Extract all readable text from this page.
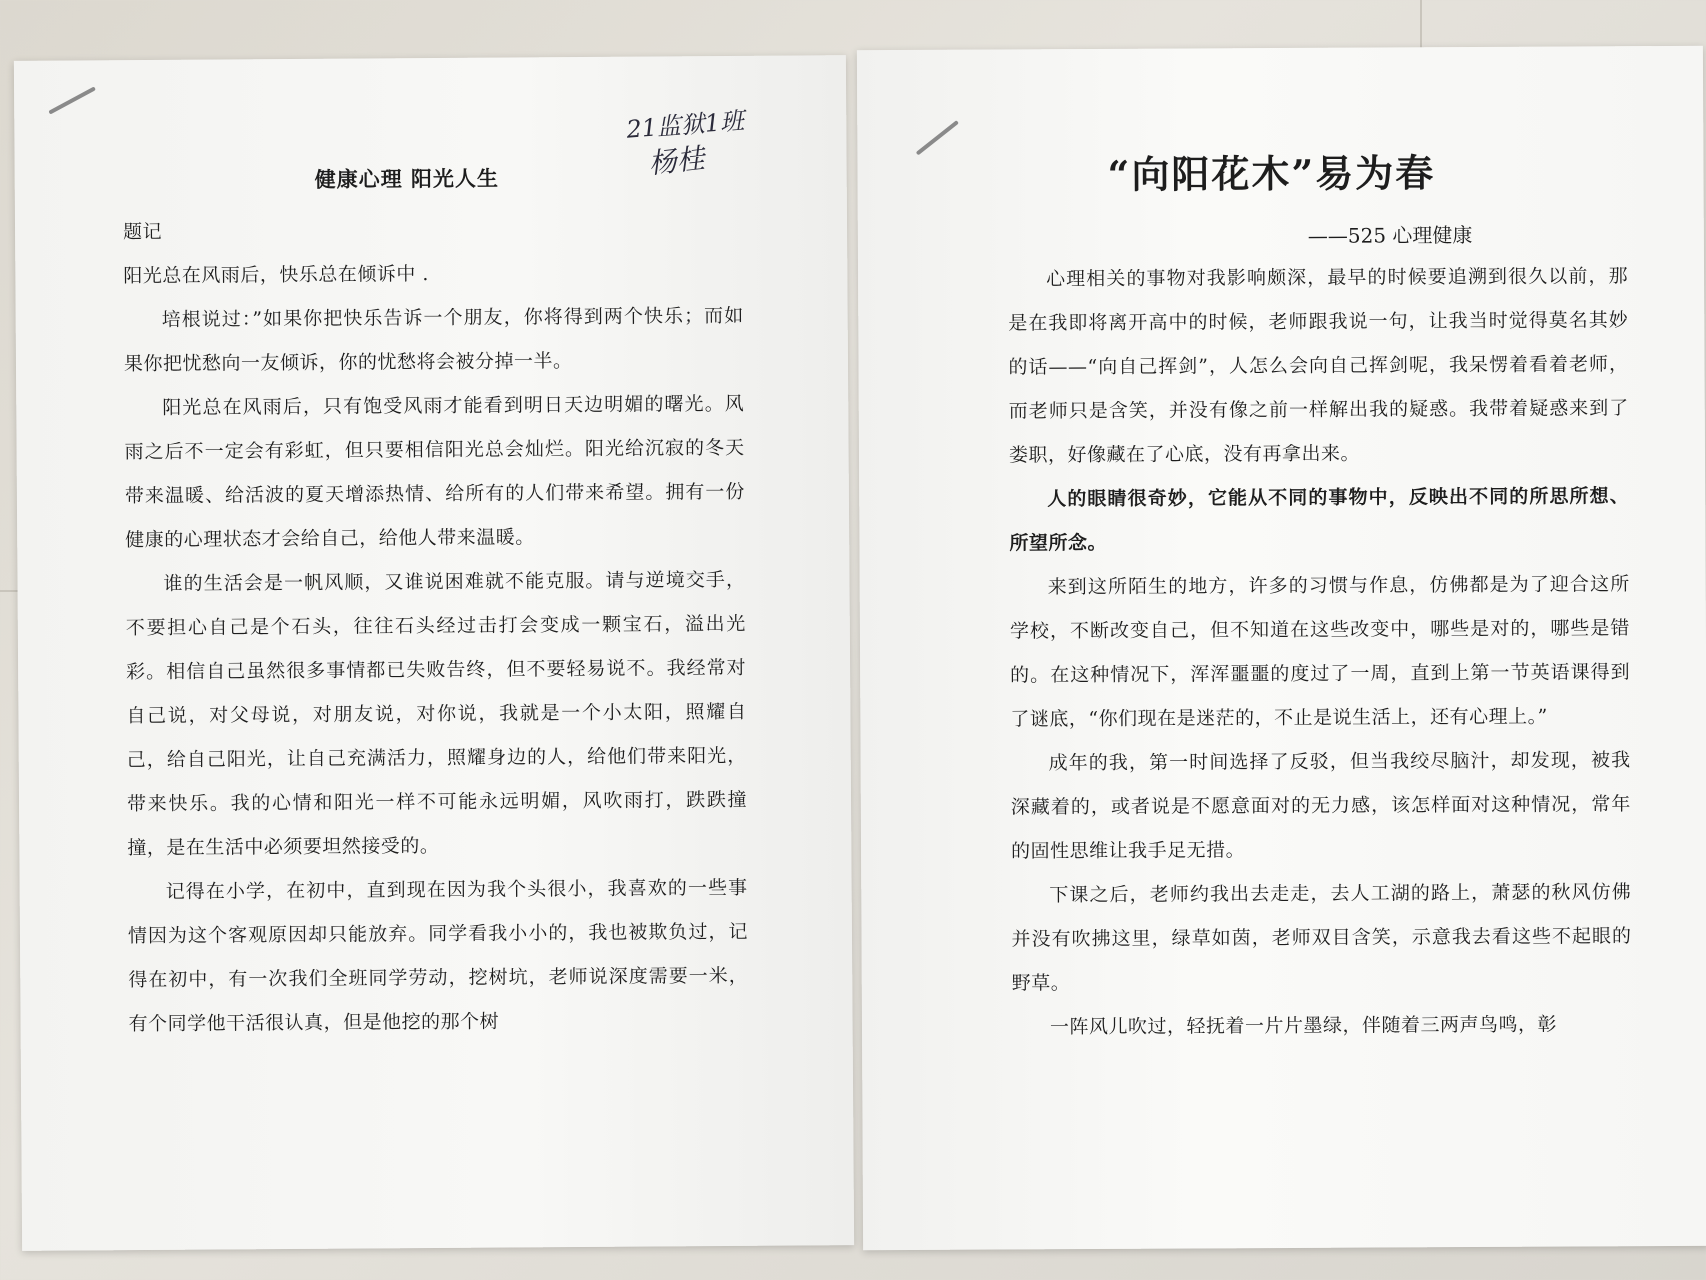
21监狱1班
杨桂
健康心理 阳光人生

题记

阳光总在风雨后，快乐总在倾诉中 .

培根说过：”如果你把快乐告诉一个朋友，你将得到两个快乐；而如果你把忧愁向一友倾诉，你的忧愁将会被分掉一半。

阳光总在风雨后，只有饱受风雨才能看到明日天边明媚的曙光。风雨之后不一定会有彩虹，但只要相信阳光总会灿烂。阳光给沉寂的冬天带来温暖、给活波的夏天增添热情、给所有的人们带来希望。拥有一份健康的心理状态才会给自己，给他人带来温暖。

谁的生活会是一帆风顺，又谁说困难就不能克服。请与逆境交手，不要担心自己是个石头，往往石头经过击打会变成一颗宝石，溢出光彩。相信自己虽然很多事情都已失败告终，但不要轻易说不。我经常对自己说，对父母说，对朋友说，对你说，我就是一个小太阳，照耀自己，给自己阳光，让自己充满活力，照耀身边的人，给他们带来阳光，带来快乐。我的心情和阳光一样不可能永远明媚，风吹雨打，跌跌撞撞，是在生活中必须要坦然接受的。

记得在小学，在初中，直到现在因为我个头很小，我喜欢的一些事情因为这个客观原因却只能放弃。同学看我小小的，我也被欺负过，记得在初中，有一次我们全班同学劳动，挖树坑，老师说深度需要一米，有个同学他干活很认真，但是他挖的那个树

“向阳花木”易为春
——525 心理健康

心理相关的事物对我影响颇深，最早的时候要追溯到很久以前，那是在我即将离开高中的时候，老师跟我说一句，让我当时觉得莫名其妙的话——“向自己挥剑”，人怎么会向自己挥剑呢，我呆愣着看着老师，而老师只是含笑，并没有像之前一样解出我的疑惑。我带着疑惑来到了娄职，好像藏在了心底，没有再拿出来。

人的眼睛很奇妙，它能从不同的事物中，反映出不同的所思所想、所望所念。

来到这所陌生的地方，许多的习惯与作息，仿佛都是为了迎合这所学校，不断改变自己，但不知道在这些改变中，哪些是对的，哪些是错的。在这种情况下，浑浑噩噩的度过了一周，直到上第一节英语课得到了谜底，“你们现在是迷茫的，不止是说生活上，还有心理上。”

成年的我，第一时间选择了反驳，但当我绞尽脑汁，却发现，被我深藏着的，或者说是不愿意面对的无力感，该怎样面对这种情况，常年的固性思维让我手足无措。

下课之后，老师约我出去走走，去人工湖的路上，萧瑟的秋风仿佛并没有吹拂这里，绿草如茵，老师双目含笑，示意我去看这些不起眼的野草。

一阵风儿吹过，轻抚着一片片墨绿，伴随着三两声鸟鸣，彰
